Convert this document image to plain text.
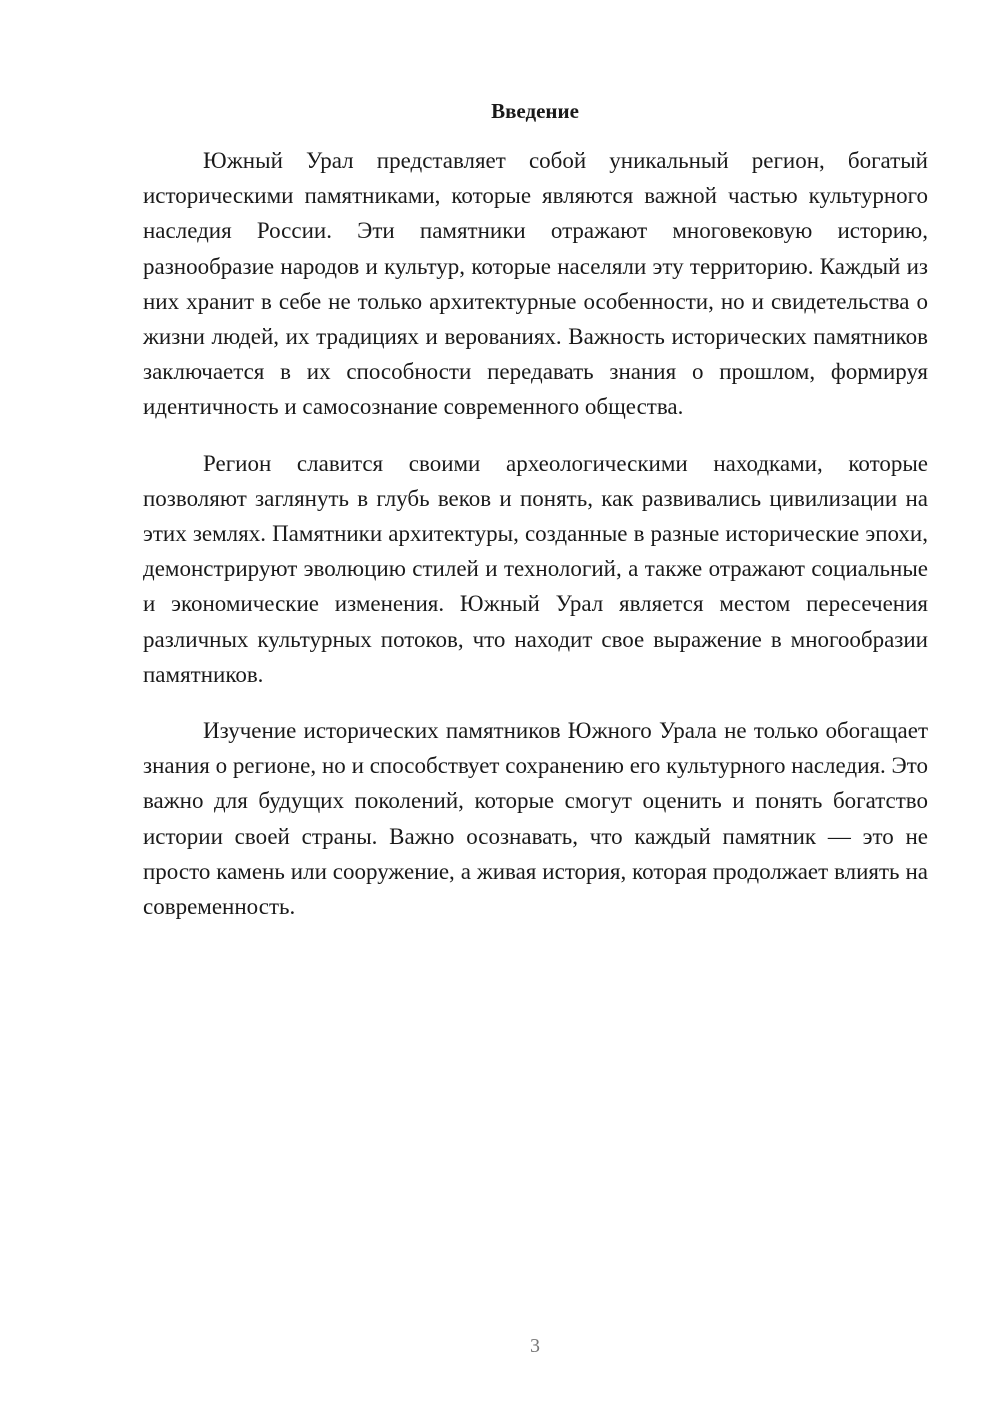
Введение

Южный Урал представляет собой уникальный регион, богатый историческими памятниками, которые являются важной частью культурного наследия России. Эти памятники отражают многовековую историю, разнообразие народов и культур, которые населяли эту территорию. Каждый из них хранит в себе не только архитектурные особенности, но и свидетельства о жизни людей, их традициях и верованиях. Важность исторических памятников заключается в их способности передавать знания о прошлом, формируя идентичность и самосознание современного общества.

Регион славится своими археологическими находками, которые позволяют заглянуть в глубь веков и понять, как развивались цивилизации на этих землях. Памятники архитектуры, созданные в разные исторические эпохи, демонстрируют эволюцию стилей и технологий, а также отражают социальные и экономические изменения. Южный Урал является местом пересечения различных культурных потоков, что находит свое выражение в многообразии памятников.

Изучение исторических памятников Южного Урала не только обогащает знания о регионе, но и способствует сохранению его культурного наследия. Это важно для будущих поколений, которые смогут оценить и понять богатство истории своей страны. Важно осознавать, что каждый памятник — это не просто камень или сооружение, а живая история, которая продолжает влиять на современность.

3
